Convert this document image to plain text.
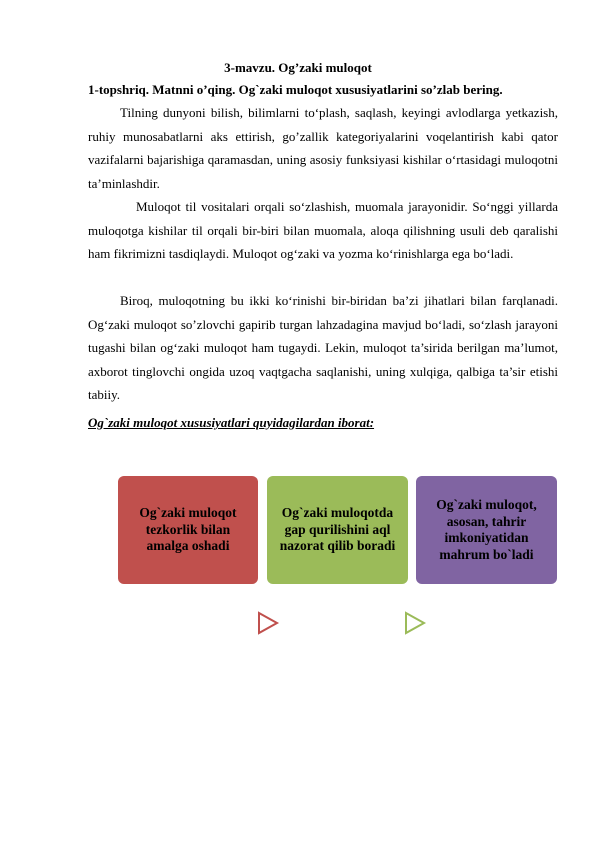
3-mavzu. Og’zaki muloqot
1-topshriq. Matnni o’qing. Og`zaki muloqot xususiyatlarini so’zlab bering.

Tilning dunyoni bilish, bilimlarni to‘plash, saqlash, keyingi avlodlarga yetkazish, ruhiy munosabatlarni aks ettirish, go’zallik kategoriyalarini voqelantirish kabi qator vazifalarni bajarishiga qaramasdan, uning asosiy funksiyasi kishilar o‘rtasidagi muloqotni ta’minlashdir.

Muloqot til vositalari orqali so‘zlashish, muomala jarayonidir. So‘nggi yillarda muloqotga kishilar til orqali bir-biri bilan muomala, aloqa qilishning usuli deb qaralishi ham fikrimizni tasdiqlaydi. Muloqot og‘zaki va yozma ko‘rinishlarga ega bo‘ladi.

Biroq, muloqotning bu ikki ko‘rinishi bir-biridan ba’zi jihatlari bilan farqlanadi. Og‘zaki muloqot so’zlovchi gapirib turgan lahzadagina mavjud bo‘ladi, so‘zlash jarayoni tugashi bilan og‘zaki muloqot ham tugaydi. Lekin, muloqot ta’sirida berilgan ma’lumot, axborot tinglovchi ongida uzoq vaqtgacha saqlanishi, uning xulqiga, qalbiga ta’sir etishi tabiiy.

Og`zaki muloqot xususiyatlari quyidagilardan iborat:
Og`zaki muloqot tezkorlik bilan amalga oshadi
Og`zaki muloqotda gap qurilishini aql nazorat qilib boradi
Og`zaki muloqot, asosan, tahrir imkoniyatidan mahrum bo`ladi
